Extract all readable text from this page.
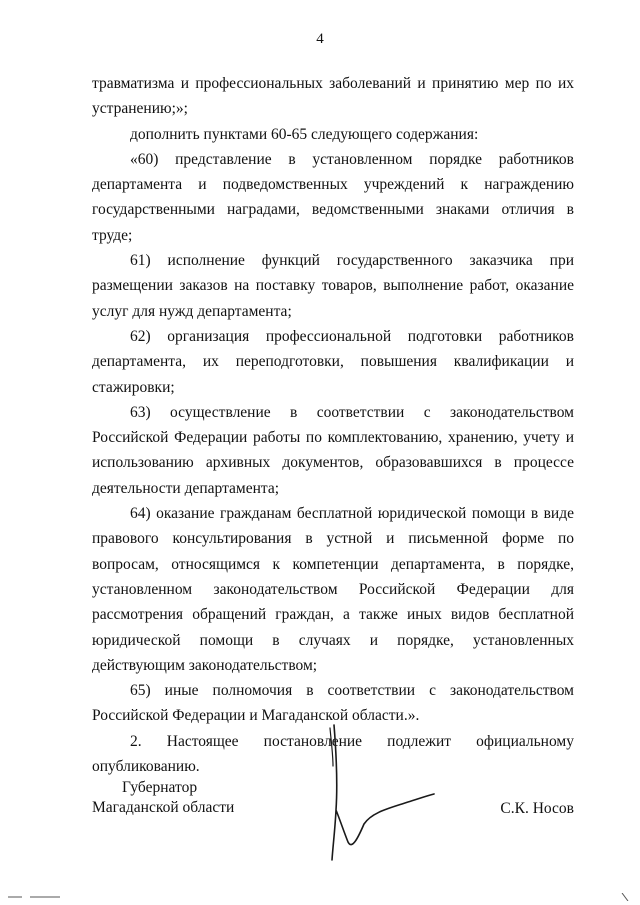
4

травматизма и профессиональных заболеваний и принятию мер по их устранению;»;

дополнить пунктами 60-65 следующего содержания:

«60) представление в установленном порядке работников департамента и подведомственных учреждений к награждению государственными наградами, ведомственными знаками отличия в труде;

61) исполнение функций государственного заказчика при размещении заказов на поставку товаров, выполнение работ, оказание услуг для нужд департамента;

62) организация профессиональной подготовки работников департамента, их переподготовки, повышения квалификации и стажировки;

63) осуществление в соответствии с законодательством Российской Федерации работы по комплектованию, хранению, учету и использованию архивных документов, образовавшихся в процессе деятельности департамента;

64) оказание гражданам бесплатной юридической помощи в виде правового консультирования в устной и письменной форме по вопросам, относящимся к компетенции департамента, в порядке, установленном законодательством Российской Федерации для рассмотрения обращений граждан, а также иных видов бесплатной юридической помощи в случаях и порядке, установленных действующим законодательством;

65) иные полномочия в соответствии с законодательством Российской Федерации и Магаданской области.».

2. Настоящее постановление подлежит официальному опубликованию.

Губернатор
Магаданской области	С.К. Носов
